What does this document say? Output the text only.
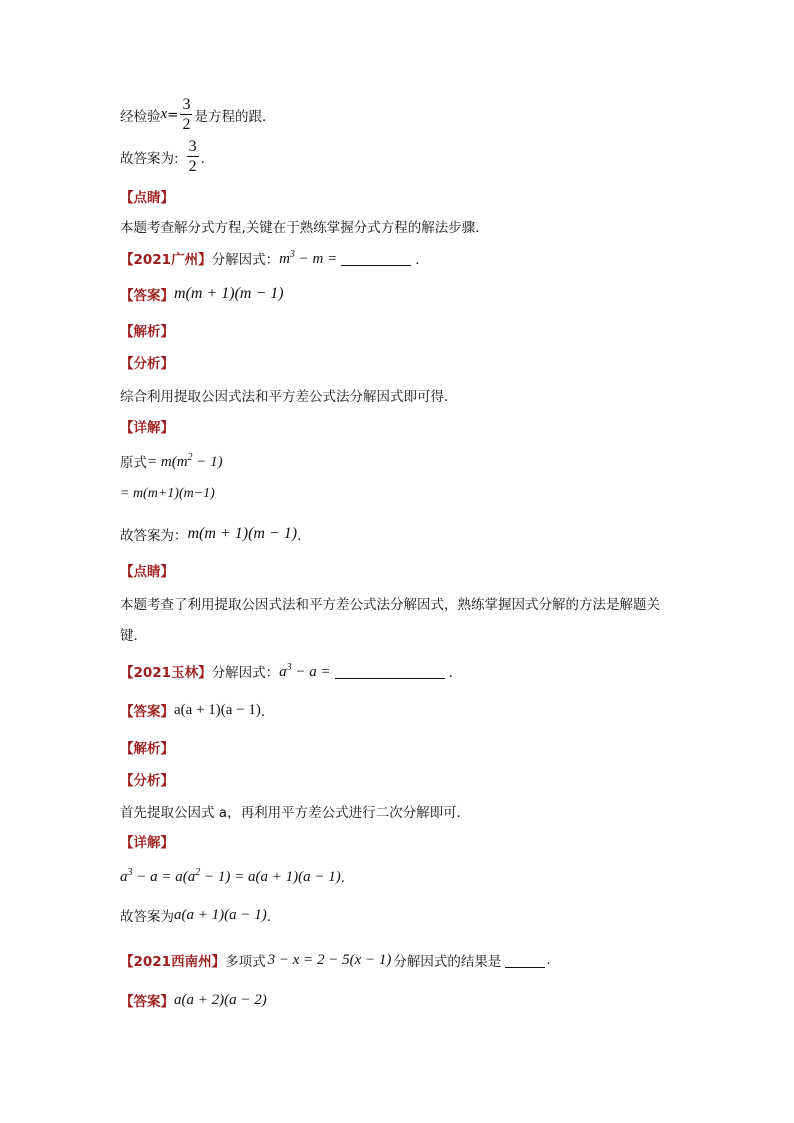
经检验 $x = \frac{3}{2}$ 是方程的跟．
故答案为: $\frac{3}{2}$ ．
【点睛】
本题考查解分式方程,关键在于熟练掌握分式方程的解法步骤．
【2021广州】 分解因式： $m^3 - m$ =	．
【答案】 m(m + 1)(m − 1)
【解析】
【分析】
综合利用提取公因式法和平方差公式法分解因式即可得．
【详解】
原式 = $m(m^2 - 1)$
= m(m+1)(m−1)
故答案为： m(m + 1)(m − 1) ．
【点睛】
本题考查了利用提取公因式法和平方差公式法分解因式，熟练掌握因式分解的方法是解题关
键．
【2021玉林】 分解因式： $a^3 - a$ =	．
【答案】 a(a + 1)(a − 1) ．
【解析】
【分析】
首先提取公因式 a，再利用平方差公式进行二次分解即可．
【详解】
$a^3 - a = a(a^2 - 1) = a(a + 1)(a - 1)$ ．
故答案为 a(a + 1)(a − 1) ．
【2021西南州】 多项式 3 − x = 2 − 5(x − 1) 分解因式的结果是	.
【答案】 a(a + 2)(a − 2)
